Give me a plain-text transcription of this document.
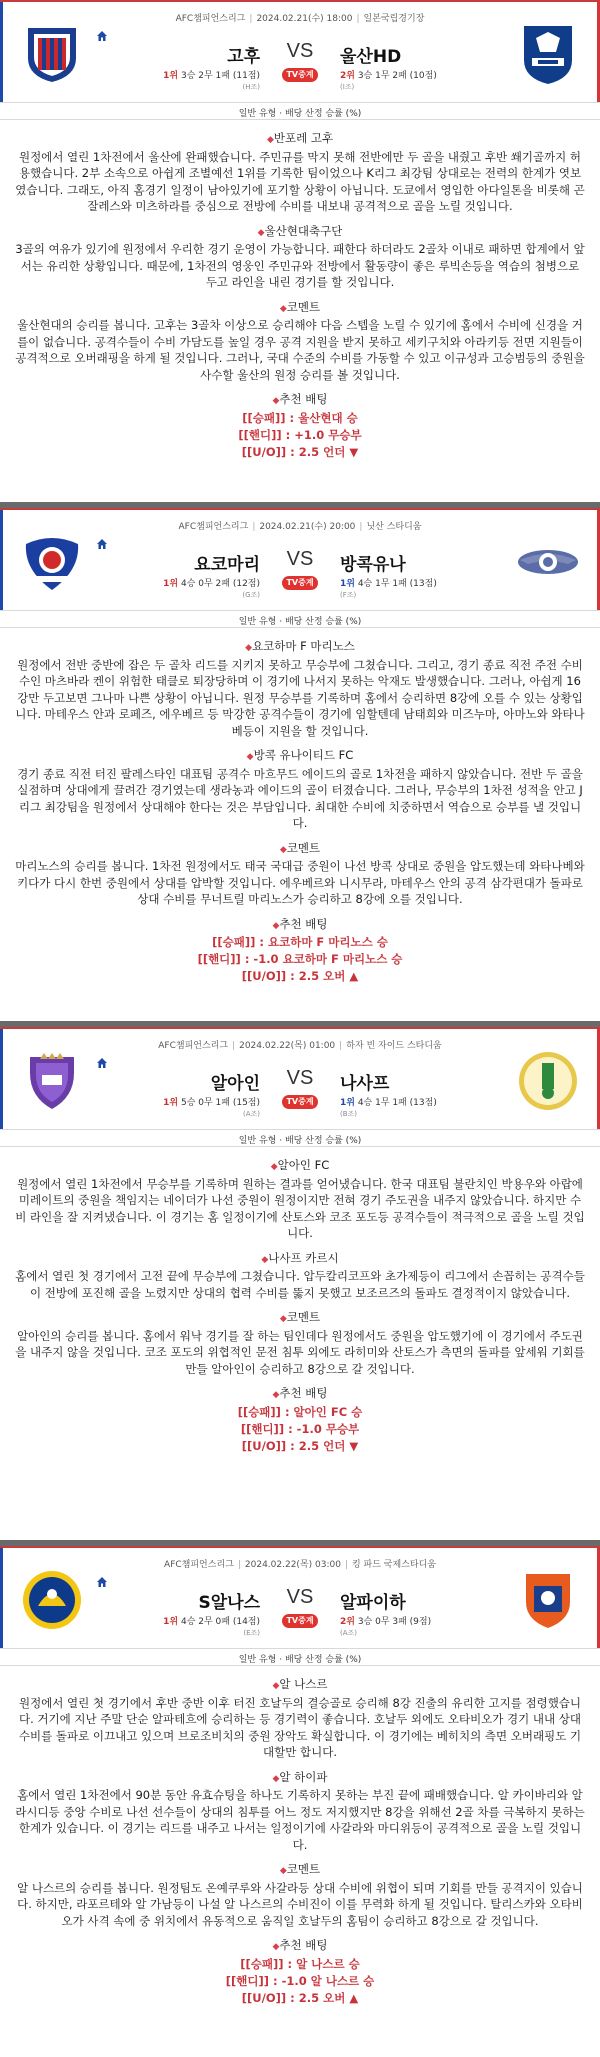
AFC챔피언스리그 | 2024.02.21(수) 18:00 | 일본국립경기장
고후	울산HD
VS
TV중계
1위 3승 2무 1패 (11점)	2위 3승 1무 2패 (10점)
(H조)	(I조)
일반 유형 · 배당 산정 승률 (%)
◆반포레 고후
원정에서 열린 1차전에서 울산에 완패했습니다. 주민규를 막지 못해 전반에만 두 골을 내줬고 후반 쐐기골까지 허용했습니다. 2부 소속으로 아쉽게 조별예선 1위를 기록한 팀이었으나 K리그 최강팀 상대로는 전력의 한계가 엿보였습니다. 그래도, 아직 홈경기 일정이 남아있기에 포기할 상황이 아닙니다. 도쿄에서 영입한 아다일톤을 비롯해 곤잘레스와 미츠하라를 중심으로 전방에 수비를 내보내 공격적으로 골을 노릴 것입니다.
◆울산현대축구단
3골의 여유가 있기에 원정에서 우리한 경기 운영이 가능합니다. 패한다 하더라도 2골차 이내로 패하면 합계에서 앞서는 유리한 상황입니다. 때문에, 1차전의 영웅인 주민규와 전방에서 활동량이 좋은 루빅손등을 역습의 첨병으로 두고 라인을 내린 경기를 할 것입니다.
◆코멘트
울산현대의 승리를 봅니다. 고후는 3골차 이상으로 승리해야 다음 스텝을 노릴 수 있기에 홈에서 수비에 신경을 거를이 없습니다. 공격수들이 수비 가담도를 높일 경우 공격 지원을 받지 못하고 세키구치와 아라키등 전면 지원들이 공격적으로 오버래핑을 하게 될 것입니다. 그러나, 국대 수준의 수비를 가동할 수 있고 이규성과 고승범등의 중원을 사수할 울산의 원정 승리를 볼 것입니다.
◆추천 배팅
[[승패]] : 울산현대 승
[[핸디]] : +1.0 무승부
[[U/O]] : 2.5 언더 ▼
AFC챔피언스리그 | 2024.02.21(수) 20:00 | 닛산 스타디움
요코마리	방콕유나
VS
TV중계
1위 4승 0무 2패 (12점)	1위 4승 1무 1패 (13점)
(G조)	(F조)
일반 유형 · 배당 산정 승률 (%)
◆요코하마 F 마리노스
원정에서 전반 중반에 잡은 두 골차 리드를 지키지 못하고 무승부에 그쳤습니다. 그리고, 경기 종료 직전 주전 수비수인 마츠바라 켄이 위험한 태클로 퇴장당하며 이 경기에 나서지 못하는 악재도 발생했습니다. 그러나, 아쉽게 16강만 두고보면 그나마 나쁜 상황이 아닙니다. 원정 무승부를 기록하며 홈에서 승리하면 8강에 오를 수 있는 상황입니다. 마테우스 안과 로페즈, 에우베르 등 막강한 공격수들이 경기에 임할텐데 남태희와 미즈누마, 아마노와 와타나베등이 지원을 할 것입니다.
◆방콕 유나이티드 FC
경기 종료 직전 터진 팔레스타인 대표팀 공격수 마흐무드 에이드의 골로 1차전을 패하지 않았습니다. 전반 두 골을 실점하며 상대에게 끌려간 경기였는데 생라농과 에이드의 골이 터졌습니다. 그러나, 무승부의 1차전 성적을 안고 J리그 최강팀을 원정에서 상대해야 한다는 것은 부담입니다. 최대한 수비에 치중하면서 역습으로 승부를 낼 것입니다.
◆코멘트
마리노스의 승리를 봅니다. 1차전 원정에서도 태국 국대급 중원이 나선 방콕 상대로 중원을 압도했는데 와타나베와 키다가 다시 한번 중원에서 상대를 압박할 것입니다. 에우베르와 니시무라, 마테우스 안의 공격 삼각편대가 돌파로 상대 수비를 무너트릴 마리노스가 승리하고 8강에 오를 것입니다.
◆추천 배팅
[[승패]] : 요코하마 F 마리노스 승
[[핸디]] : -1.0 요코하마 F 마리노스 승
[[U/O]] : 2.5 오버 ▲
AFC챔피언스리그 | 2024.02.22(목) 01:00 | 하자 빈 자이드 스타디움
알아인	나사프
VS
TV중계
1위 5승 0무 1패 (15점)	1위 4승 1무 1패 (13점)
(A조)	(B조)
일반 유형 · 배당 산정 승률 (%)
◆알아인 FC
원정에서 열린 1차전에서 무승부를 기록하며 원하는 결과를 얻어냈습니다. 한국 대표팀 불란치인 박용우와 아랍에미레이트의 중원을 책임지는 네이더가 나선 중원이 원정이지만 전혀 경기 주도권을 내주지 않았습니다. 하지만 수비 라인을 잘 지켜냈습니다. 이 경기는 홈 일정이기에 산토스와 코조 포도등 공격수들이 적극적으로 골을 노릴 것입니다.
◆나사프 카르시
홈에서 열린 첫 경기에서 고전 끝에 무승부에 그쳤습니다. 압두칼리코프와 초가제등이 리그에서 손꼽히는 공격수들이 전방에 포진해 골을 노렸지만 상대의 협력 수비를 뚫지 못했고 보조르즈의 돌파도 결정적이지 않았습니다.
◆코멘트
알아인의 승리를 봅니다. 홈에서 워낙 경기를 잘 하는 팀인데다 원정에서도 중원을 압도했기에 이 경기에서 주도권을 내주지 않을 것입니다. 코조 포도의 위협적인 문전 침투 외에도 라히미와 산토스가 측면의 돌파를 앞세워 기회를 만들 알아인이 승리하고 8강으로 갈 것입니다.
◆추천 배팅
[[승패]] : 알아인 FC 승
[[핸디]] : -1.0 무승부
[[U/O]] : 2.5 언더 ▼
AFC챔피언스리그 | 2024.02.22(목) 03:00 | 킹 파드 국제스타디움
S알나스	알파이하
VS
TV중계
1위 4승 2무 0패 (14점)	2위 3승 0무 3패 (9점)
(E조)	(A조)
일반 유형 · 배당 산정 승률 (%)
◆알 나스르
원정에서 열린 첫 경기에서 후반 중반 이후 터진 호날두의 결승골로 승리해 8강 진출의 유리한 고지를 점령했습니다. 거기에 지난 주말 단순 알파테흐에 승리하는 등 경기력이 좋습니다. 호날두 외에도 오타비오가 경기 내내 상대 수비를 돌파로 이끄내고 있으며 브로조비치의 중원 장악도 확실합니다. 이 경기에는 베히치의 측면 오버래핑도 기대할만 합니다.
◆알 하이파
홈에서 열린 1차전에서 90분 동안 유효슈팅을 하나도 기록하지 못하는 부진 끝에 패배했습니다. 알 카이바리와 알라시디등 중앙 수비로 나선 선수들이 상대의 침투를 어느 정도 저지했지만 8강을 위해선 2골 차를 극복하지 못하는 한계가 있습니다. 이 경기는 리드를 내주고 나서는 일정이기에 사갈라와 마디위등이 공격적으로 골을 노릴 것입니다.
◆코멘트
알 나스르의 승리를 봅니다. 원정팀도 온예쿠루와 사갈라등 상대 수비에 위협이 되며 기회를 만들 공격지이 있습니다. 하지만, 라포르테와 알 가남등이 나설 알 나스르의 수비진이 이를 무력화 하게 될 것입니다. 탈리스카와 오타비오가 사격 속에 중 위치에서 유동적으로 움직일 호날두의 홈팀이 승리하고 8강으로 갈 것입니다.
◆추천 배팅
[[승패]] : 알 나스르 승
[[핸디]] : -1.0 알 나스르 승
[[U/O]] : 2.5 오버 ▲
